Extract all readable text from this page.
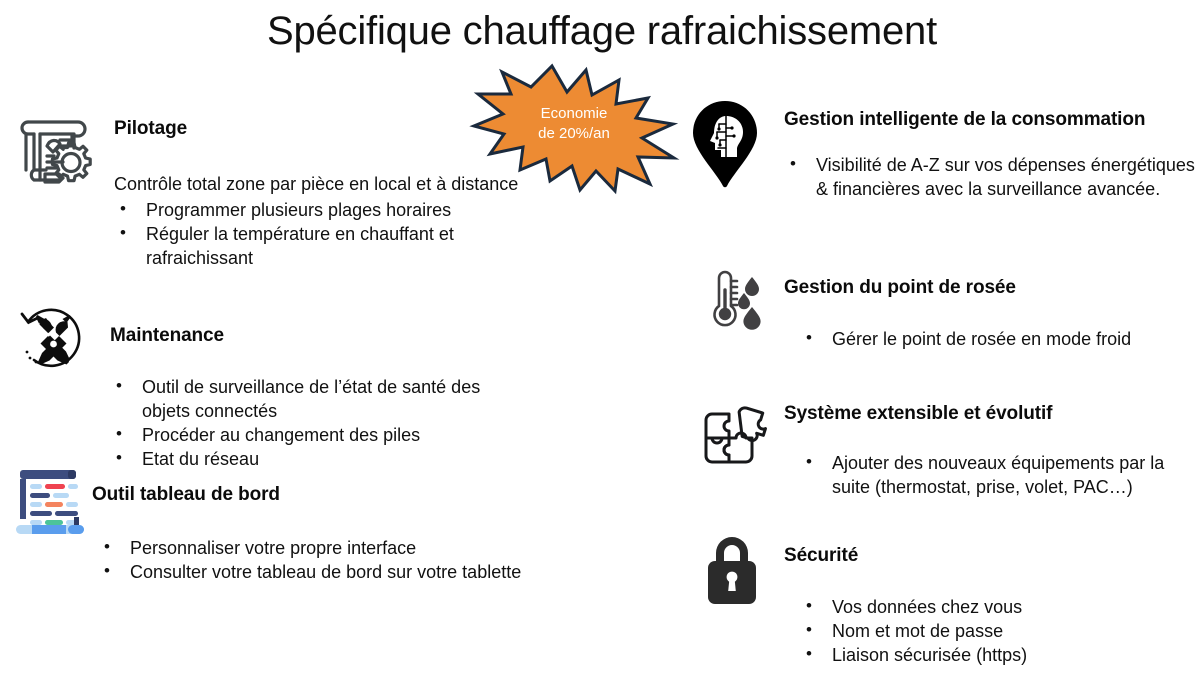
Spécifique chauffage rafraichissement
Economie
de 20%/an
Pilotage
Contrôle total zone par pièce en local et à distance
• Programmer plusieurs plages horaires
• Réguler la température en chauffant et rafraichissant
Maintenance
• Outil de surveillance de l’état de santé des objets connectés
• Procéder au changement des piles
• Etat du réseau
Outil tableau de bord
• Personnaliser votre propre interface
• Consulter votre tableau de bord sur votre tablette
Gestion intelligente de la consommation
• Visibilité de A-Z sur vos dépenses énergétiques & financières avec la surveillance avancée.
Gestion du point de rosée
• Gérer le point de rosée en mode froid
Système extensible et évolutif
• Ajouter des nouveaux équipements par la suite (thermostat, prise, volet, PAC…)
Sécurité
• Vos données chez vous
• Nom et mot de passe
• Liaison sécurisée (https)
